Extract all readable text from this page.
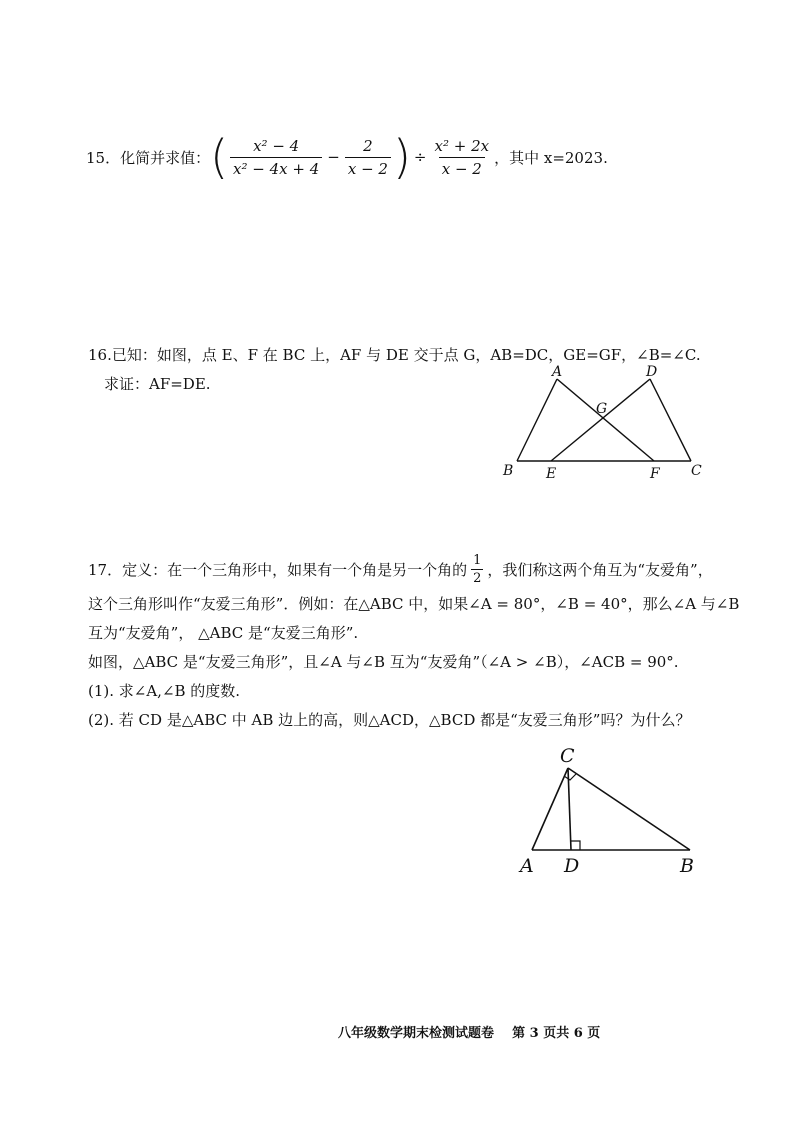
15．化简并求值： ( $\frac{\text{x² − 4}}{\text{x² − 4x + 4}} - \frac{2}{x - 2}$ ) ÷ $\frac{\text{x² + 2x}}{x - 2}$ ，其中 x=2023.
16.已知：如图，点 E、F 在 BC 上，AF 与 DE 交于点 G，AB=DC，GE=GF，∠B=∠C.
求证：AF=DE.
A	D
G
B E	F C
17．定义：在一个三角形中，如果有一个角是另一个角的 $\frac{1}{2}$ ，我们称这两个角互为“友爱角”，
这个三角形叫作“友爱三角形”．例如：在△ABC 中，如果∠A = 80°，∠B = 40°，那么∠A 与∠B
互为“友爱角”， △ABC 是“友爱三角形”.
如图，△ABC 是“友爱三角形”，且∠A 与∠B 互为“友爱角”（∠A > ∠B），∠ACB = 90°.
(1). 求∠A,∠B 的度数.
(2). 若 CD 是△ABC 中 AB 边上的高，则△ACD，△BCD 都是“友爱三角形”吗？为什么？
C
A D	B
八年级数学期末检测试题卷    第 3 页共 6 页
